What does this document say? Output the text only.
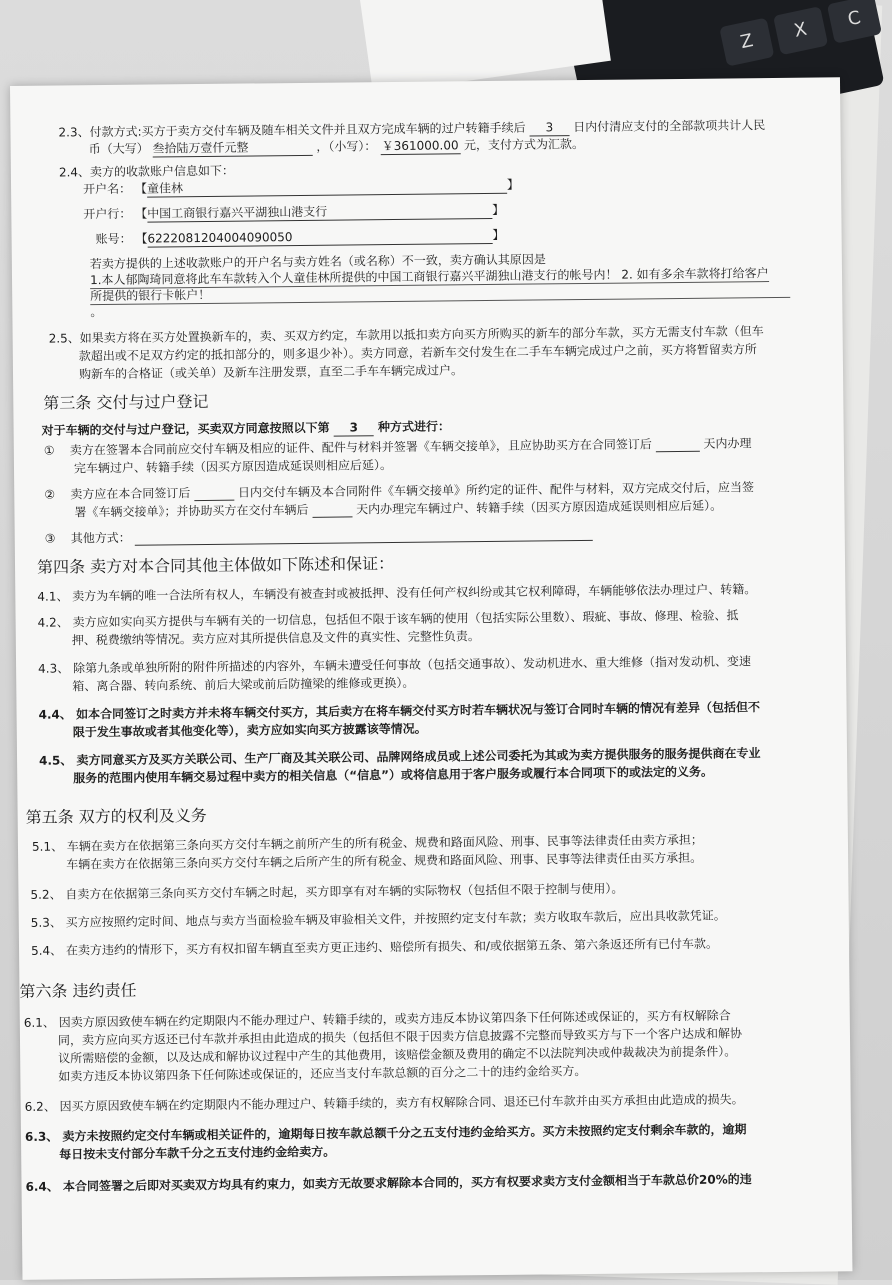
Z	X	C
2.3、付款方式:买方于卖方交付车辆及随车相关文件并且双方完成车辆的过户转籍手续后 3 日内付清应支付的全部款项共计人民
币（大写） 叁拾陆万壹仟元整	，（小写）： ￥361000.00 元，支付方式为汇款。
2.4、卖方的收款账户信息如下：
开户名： 【童佳林	】
开户行： 【中国工商银行嘉兴平湖独山港支行	】
账号： 【6222081204004090050	】
若卖方提供的上述收款账户的开户名与卖方姓名（或名称）不一致，卖方确认其原因是
1.本人郁陶琦同意将此车车款转入个人童佳林所提供的中国工商银行嘉兴平湖独山港支行的帐号内！ 2. 如有多余车款将打给客户
所提供的银行卡帐户！
。
2.5、如果卖方将在买方处置换新车的，卖、买双方约定，车款用以抵扣卖方向买方所购买的新车的部分车款，买方无需支付车款（但车
款超出或不足双方约定的抵扣部分的，则多退少补）。卖方同意，若新车交付发生在二手车车辆完成过户之前，买方将暂留卖方所
购新车的合格证（或关单）及新车注册发票，直至二手车车辆完成过户。
第三条 交付与过户登记
对于车辆的交付与过户登记，买卖双方同意按照以下第 3 种方式进行：
① 卖方在签署本合同前应交付车辆及相应的证件、配件与材料并签署《车辆交接单》，且应协助买方在合同签订后	天内办理
完车辆过户、转籍手续（因买方原因造成延误则相应后延）。
② 卖方应在本合同签订后	日内交付车辆及本合同附件《车辆交接单》所约定的证件、配件与材料，双方完成交付后，应当签
署《车辆交接单》；并协助买方在交付车辆后	天内办理完车辆过户、转籍手续（因买方原因造成延误则相应后延）。
③ 其他方式：
第四条 卖方对本合同其他主体做如下陈述和保证：
4.1、 卖方为车辆的唯一合法所有权人，车辆没有被查封或被抵押、没有任何产权纠纷或其它权利障碍，车辆能够依法办理过户、转籍。
4.2、 卖方应如实向买方提供与车辆有关的一切信息，包括但不限于该车辆的使用（包括实际公里数）、瑕疵、事故、修理、检验、抵
押、税费缴纳等情况。卖方应对其所提供信息及文件的真实性、完整性负责。
4.3、 除第九条或单独所附的附件所描述的内容外，车辆未遭受任何事故（包括交通事故）、发动机进水、重大维修（指对发动机、变速
箱、离合器、转向系统、前后大梁或前后防撞梁的维修或更换）。
4.4、 如本合同签订之时卖方并未将车辆交付买方，其后卖方在将车辆交付买方时若车辆状况与签订合同时车辆的情况有差异（包括但不
限于发生事故或者其他变化等），卖方应如实向买方披露该等情况。
4.5、 卖方同意买方及买方关联公司、生产厂商及其关联公司、品牌网络成员或上述公司委托为其或为卖方提供服务的服务提供商在专业
服务的范围内使用车辆交易过程中卖方的相关信息（“信息”）或将信息用于客户服务或履行本合同项下的或法定的义务。
第五条 双方的权利及义务
5.1、 车辆在卖方在依据第三条向买方交付车辆之前所产生的所有税金、规费和路面风险、刑事、民事等法律责任由卖方承担；
车辆在卖方在依据第三条向买方交付车辆之后所产生的所有税金、规费和路面风险、刑事、民事等法律责任由买方承担。
5.2、 自卖方在依据第三条向买方交付车辆之时起，买方即享有对车辆的实际物权（包括但不限于控制与使用）。
5.3、 买方应按照约定时间、地点与卖方当面检验车辆及审验相关文件，并按照约定支付车款；卖方收取车款后，应出具收款凭证。
5.4、 在卖方违约的情形下，买方有权扣留车辆直至卖方更正违约、赔偿所有损失、和/或依据第五条、第六条返还所有已付车款。
第六条 违约责任
6.1、 因卖方原因致使车辆在约定期限内不能办理过户、转籍手续的，或卖方违反本协议第四条下任何陈述或保证的，买方有权解除合
同，卖方应向买方返还已付车款并承担由此造成的损失（包括但不限于因卖方信息披露不完整而导致买方与下一个客户达成和解协
议所需赔偿的金额，以及达成和解协议过程中产生的其他费用，该赔偿金额及费用的确定不以法院判决或仲裁裁决为前提条件）。
如卖方违反本协议第四条下任何陈述或保证的，还应当支付车款总额的百分之二十的违约金给买方。
6.2、 因买方原因致使车辆在约定期限内不能办理过户、转籍手续的，卖方有权解除合同、退还已付车款并由买方承担由此造成的损失。
6.3、 卖方未按照约定交付车辆或相关证件的，逾期每日按车款总额千分之五支付违约金给买方。买方未按照约定支付剩余车款的，逾期
每日按未支付部分车款千分之五支付违约金给卖方。
6.4、 本合同签署之后即对买卖双方均具有约束力，如卖方无故要求解除本合同的，买方有权要求卖方支付金额相当于车款总价20%的违
